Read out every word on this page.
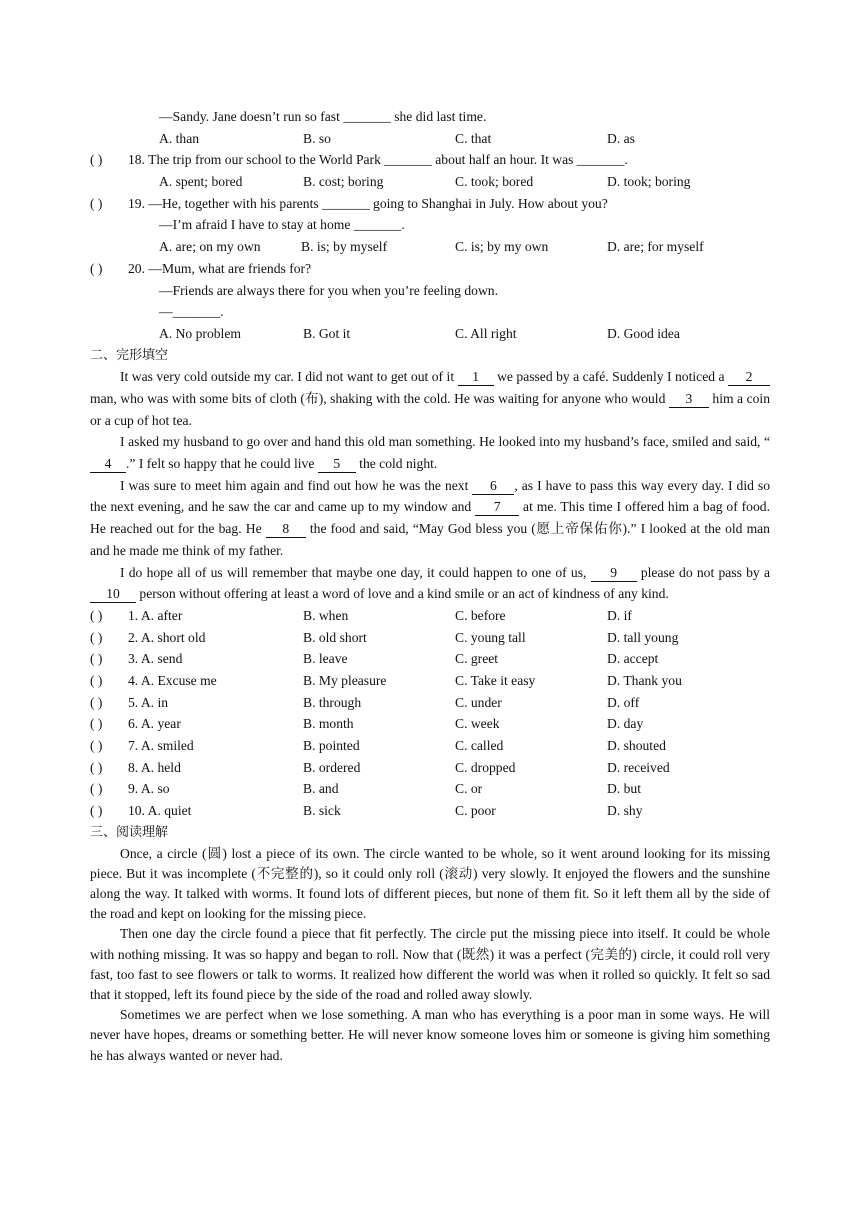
—Sandy. Jane doesn’t run so fast _______ she did last time.
A. than	B. so	C. that	D. as
( ) 18. The trip from our school to the World Park _______ about half an hour. It was _______.
A. spent; bored	B. cost; boring	C. took; bored	D. took; boring
( ) 19. —He, together with his parents _______ going to Shanghai in July. How about you?
—I’m afraid I have to stay at home _______.
A. are; on my own	B. is; by myself	C. is; by my own	D. are; for myself
( ) 20. —Mum, what are friends for?
—Friends are always there for you when you’re feeling down.
—_______.
A. No problem	B. Got it	C. All right	D. Good idea
二、完形填空

It was very cold outside my car. I did not want to get out of it 1 we passed by a café. Suddenly I noticed a 2 man, who was with some bits of cloth (布), shaking with the cold. He was waiting for anyone who would 3 him a coin or a cup of hot tea.

I asked my husband to go over and hand this old man something. He looked into my husband’s face, smiled and said, “4 .” I felt so happy that he could live 5 the cold night.

I was sure to meet him again and find out how he was the next 6 , as I have to pass this way every day. I did so the next evening, and he saw the car and came up to my window and 7 at me. This time I offered him a bag of food. He reached out for the bag. He 8 the food and said, “May God bless you (愿上帝保佑你).” I looked at the old man and he made me think of my father.

I do hope all of us will remember that maybe one day, it could happen to one of us, 9 please do not pass by a 10 person without offering at least a word of love and a kind smile or an act of kindness of any kind.

( ) 1. A. after	B. when	C. before	D. if
( ) 2. A. short old	B. old short	C. young tall	D. tall young
( ) 3. A. send	B. leave	C. greet	D. accept
( ) 4. A. Excuse me	B. My pleasure	C. Take it easy	D. Thank you
( ) 5. A. in	B. through	C. under	D. off
( ) 6. A. year	B. month	C. week	D. day
( ) 7. A. smiled	B. pointed	C. called	D. shouted
( ) 8. A. held	B. ordered	C. dropped	D. received
( ) 9. A. so	B. and	C. or	D. but
( ) 10. A. quiet	B. sick	C. poor	D. shy
三、阅读理解

Once, a circle (圆) lost a piece of its own. The circle wanted to be whole, so it went around looking for its missing piece. But it was incomplete (不完整的), so it could only roll (滚动) very slowly. It enjoyed the flowers and the sunshine along the way. It talked with worms. It found lots of different pieces, but none of them fit. So it left them all by the side of the road and kept on looking for the missing piece.

Then one day the circle found a piece that fit perfectly. The circle put the missing piece into itself. It could be whole with nothing missing. It was so happy and began to roll. Now that (既然) it was a perfect (完美的) circle, it could roll very fast, too fast to see flowers or talk to worms. It realized how different the world was when it rolled so quickly. It felt so sad that it stopped, left its found piece by the side of the road and rolled away slowly.

Sometimes we are perfect when we lose something. A man who has everything is a poor man in some ways. He will never have hopes, dreams or something better. He will never know someone loves him or someone is giving him something he has always wanted or never had.
